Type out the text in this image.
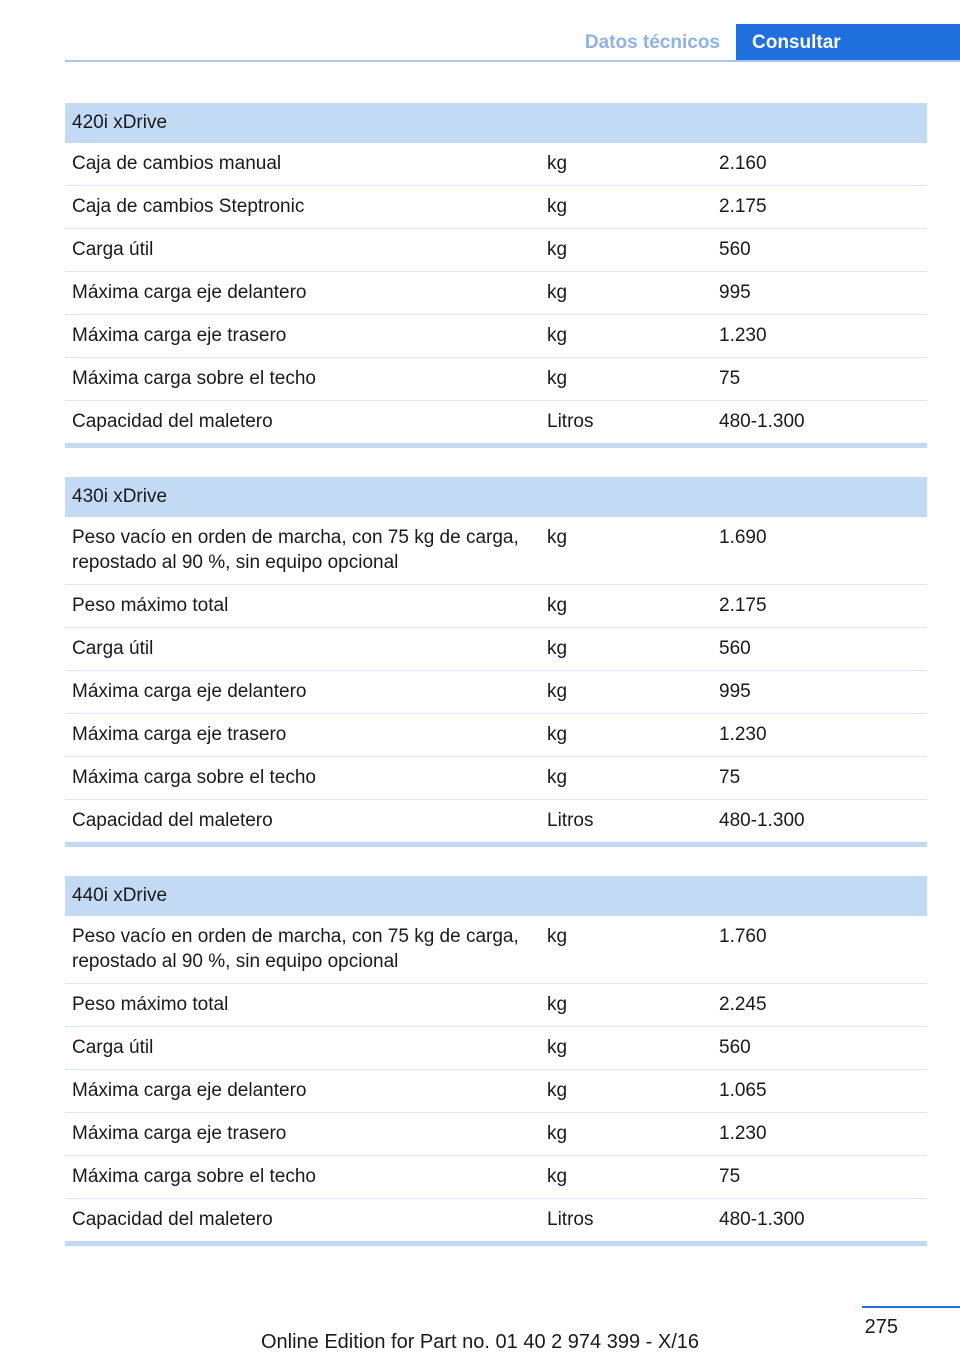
Datos técnicos	Consultar
420i xDrive		
Caja de cambios manual	kg	2.160
Caja de cambios Steptronic	kg	2.175
Carga útil	kg	560
Máxima carga eje delantero	kg	995
Máxima carga eje trasero	kg	1.230
Máxima carga sobre el techo	kg	75
Capacidad del maletero	Litros	480-1.300
430i xDrive		
Peso vacío en orden de marcha, con 75 kg de carga, repostado al 90 %, sin equipo opcional	kg	1.690
Peso máximo total	kg	2.175
Carga útil	kg	560
Máxima carga eje delantero	kg	995
Máxima carga eje trasero	kg	1.230
Máxima carga sobre el techo	kg	75
Capacidad del maletero	Litros	480-1.300
440i xDrive		
Peso vacío en orden de marcha, con 75 kg de carga, repostado al 90 %, sin equipo opcional	kg	1.760
Peso máximo total	kg	2.245
Carga útil	kg	560
Máxima carga eje delantero	kg	1.065
Máxima carga eje trasero	kg	1.230
Máxima carga sobre el techo	kg	75
Capacidad del maletero	Litros	480-1.300
275
Online Edition for Part no. 01 40 2 974 399 - X/16
